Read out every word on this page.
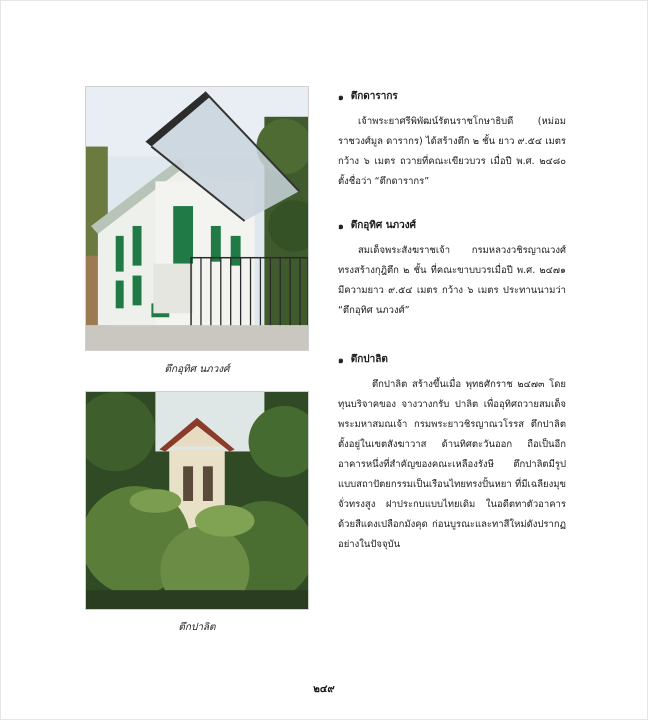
ตึกอุทิศ นภวงศ์
ตึกปาลิต
๑ ตึกดารากร

เจ้าพระยาศรีพิพัฒน์รัตนราชโกษาธิบดี (หม่อมราชวงศ์มูล ดารากร) ได้สร้างตึก ๒ ชั้น ยาว ๙.๕๔ เมตร กว้าง ๖ เมตร ถวายที่คณะเขียวบวร เมื่อปี พ.ศ. ๒๔๘๐ ตั้งชื่อว่า “ตึกดารากร”

๑ ตึกอุทิศ นภวงศ์

สมเด็จพระสังฆราชเจ้า กรมหลวงวชิรญาณวงศ์ ทรงสร้างกุฎิตึก ๒ ชั้น ที่คณะขาบบวรเมื่อปี พ.ศ. ๒๔๗๑ มีความยาว ๙.๕๔ เมตร กว้าง ๖ เมตร ประทานนามว่า “ตึกอุทิศ นภวงศ์”

๑ ตึกปาลิต

ตึกปาลิต สร้างขึ้นเมื่อ พุทธศักราช ๒๔๗๓ โดยทุนบริจาคของ จางวางกรับ ปาลิต เพื่ออุทิศถวายสมเด็จพระมหาสมณเจ้า กรมพระยาวชิรญาณวโรรส ตึกปาลิต ตั้งอยู่ในเขตสังฆาวาส ด้านทิศตะวันออก ถือเป็นอีกอาคารหนึ่งที่สำคัญของคณะเหลืองรังษี ตึกปาลิตมีรูปแบบสถาปัตยกรรมเป็นเรือนไทยทรงปั้นหยา ที่มีเฉลียงมุข จั่วทรงสูง ฝาประกบแบบไทยเดิม ในอดีตทาตัวอาคารด้วยสีแดงเปลือกมังคุด ก่อนบูรณะและทาสีใหม่ดังปรากฏอย่างในปัจจุบัน

๒๔๙
